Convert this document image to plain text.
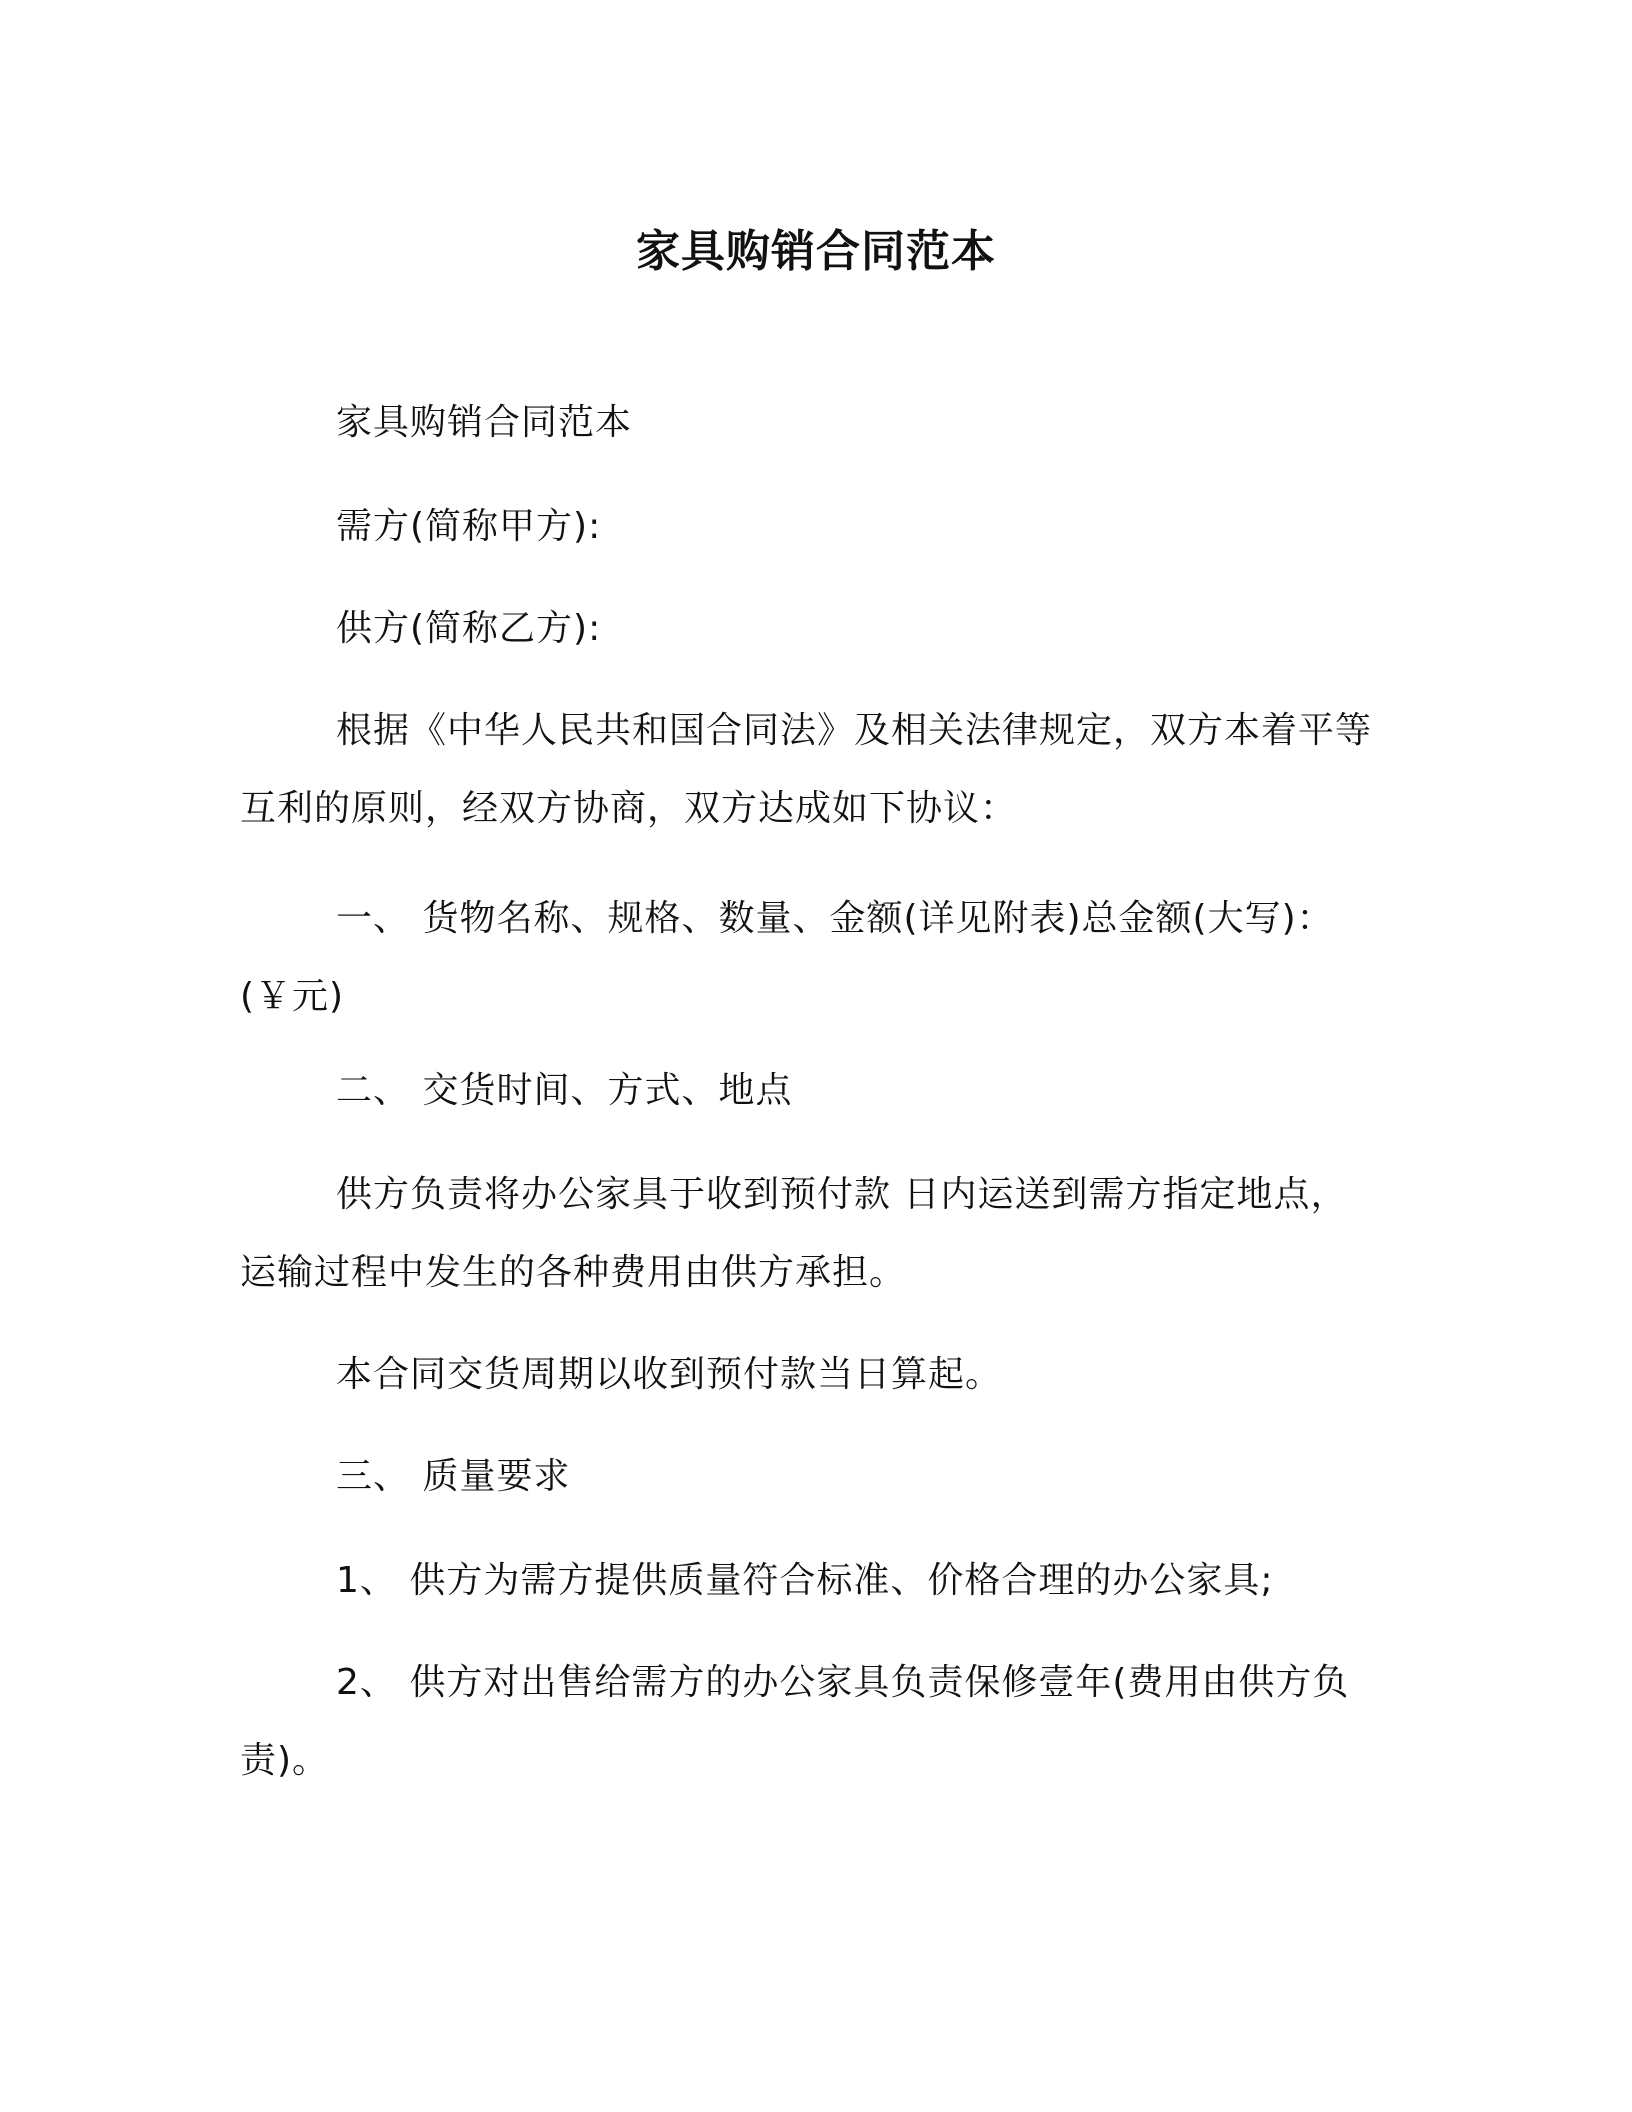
家具购销合同范本
家具购销合同范本
需方(简称甲方):
供方(简称乙方):
根据《中华人民共和国合同法》及相关法律规定，双方本着平等互利的原则，经双方协商，双方达成如下协议：
一、 货物名称、规格、数量、金额(详见附表)总金额(大写)：(￥元)
二、 交货时间、方式、地点
供方负责将办公家具于收到预付款 日内运送到需方指定地点，运输过程中发生的各种费用由供方承担。
本合同交货周期以收到预付款当日算起。
三、 质量要求
1、 供方为需方提供质量符合标准、价格合理的办公家具;
2、 供方对出售给需方的办公家具负责保修壹年(费用由供方负责)。
